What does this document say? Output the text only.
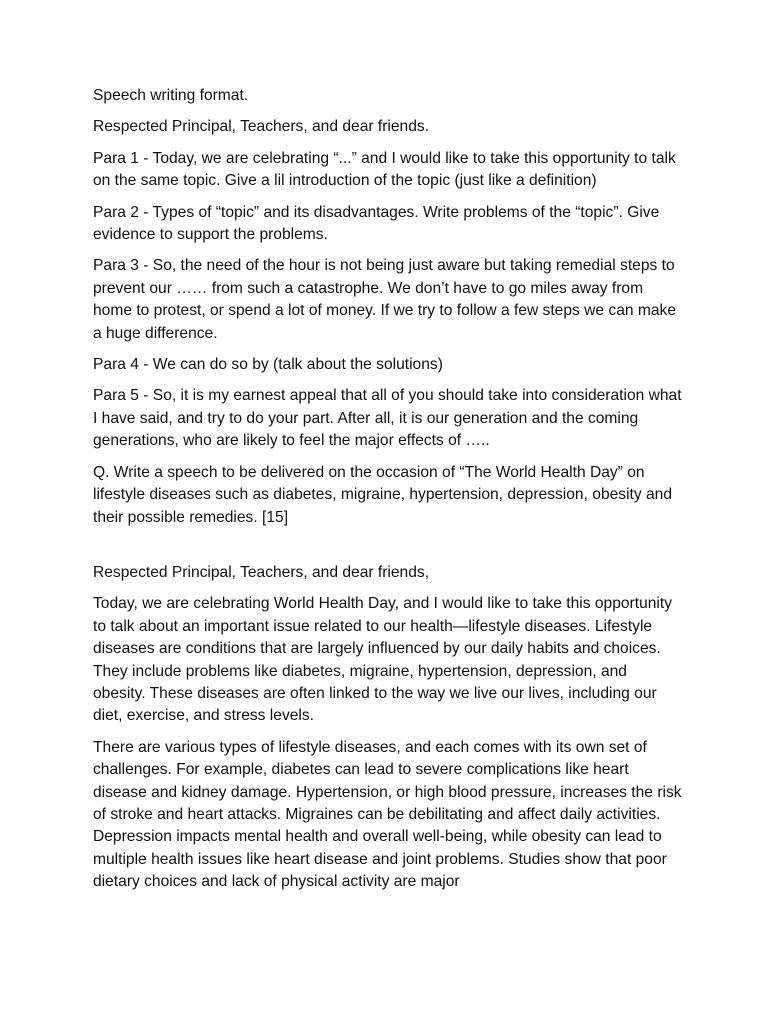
Speech writing format.

Respected Principal, Teachers, and dear friends.

Para 1 - Today, we are celebrating “...” and I would like to take this opportunity to talk on the same topic. Give a lil introduction of the topic (just like a definition)

Para 2 - Types of “topic” and its disadvantages. Write problems of the “topic”. Give evidence to support the problems.

Para 3 - So, the need of the hour is not being just aware but taking remedial steps to prevent our …… from such a catastrophe. We don’t have to go miles away from home to protest, or spend a lot of money. If we try to follow a few steps we can make a huge difference.

Para 4 - We can do so by (talk about the solutions)

Para 5 - So, it is my earnest appeal that all of you should take into consideration what I have said, and try to do your part. After all, it is our generation and the coming generations, who are likely to feel the major effects of …..

Q. Write a speech to be delivered on the occasion of “The World Health Day” on lifestyle diseases such as diabetes, migraine, hypertension, depression, obesity and their possible remedies. [15]

Respected Principal, Teachers, and dear friends,

Today, we are celebrating World Health Day, and I would like to take this opportunity to talk about an important issue related to our health—lifestyle diseases. Lifestyle diseases are conditions that are largely influenced by our daily habits and choices. They include problems like diabetes, migraine, hypertension, depression, and obesity. These diseases are often linked to the way we live our lives, including our diet, exercise, and stress levels.

There are various types of lifestyle diseases, and each comes with its own set of challenges. For example, diabetes can lead to severe complications like heart disease and kidney damage. Hypertension, or high blood pressure, increases the risk of stroke and heart attacks. Migraines can be debilitating and affect daily activities. Depression impacts mental health and overall well-being, while obesity can lead to multiple health issues like heart disease and joint problems. Studies show that poor dietary choices and lack of physical activity are major
